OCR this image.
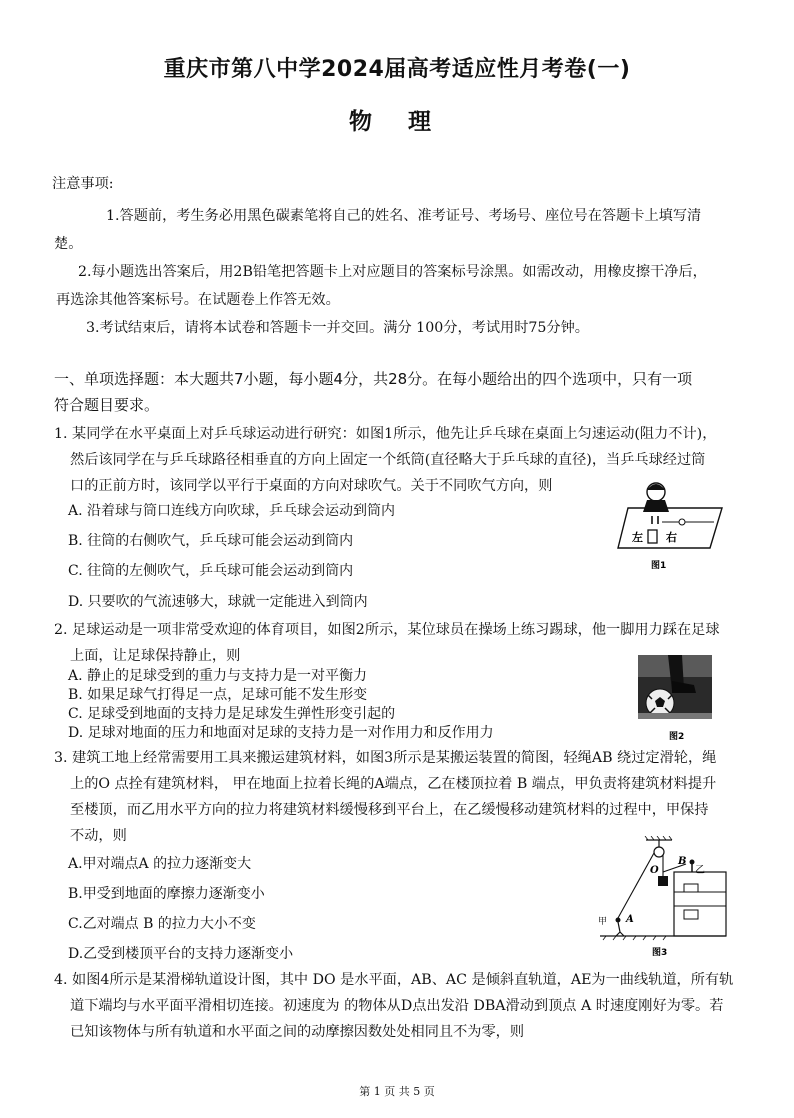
重庆市第八中学2024届高考适应性月考卷(一)
物 理
注意事项:
1.答题前，考生务必用黑色碳素笔将自己的姓名、准考证号、考场号、座位号在答题卡上填写清
楚。
2.每小题选出答案后，用2B铅笔把答题卡上对应题目的答案标号涂黑。如需改动，用橡皮擦干净后，
再选涂其他答案标号。在试题卷上作答无效。
3.考试结束后，请将本试卷和答题卡一并交回。满分 100分，考试用时75分钟。
一、单项选择题：本大题共7小题，每小题4分，共28分。在每小题给出的四个选项中，只有一项
符合题目要求。
1. 某同学在水平桌面上对乒乓球运动进行研究：如图1所示，他先让乒乓球在桌面上匀速运动(阻力不计)，
然后该同学在与乒乓球路径相垂直的方向上固定一个纸筒(直径略大于乒乓球的直径)，当乒乓球经过筒
口的正前方时，该同学以平行于桌面的方向对球吹气。关于不同吹气方向，则
A. 沿着球与筒口连线方向吹球，乒乓球会运动到筒内
B. 往筒的右侧吹气，乒乓球可能会运动到筒内
C. 往筒的左侧吹气，乒乓球可能会运动到筒内
D. 只要吹的气流速够大，球就一定能进入到筒内
左 右
图1
2. 足球运动是一项非常受欢迎的体育项目，如图2所示，某位球员在操场上练习踢球，他一脚用力踩在足球
上面，让足球保持静止，则
A. 静止的足球受到的重力与支持力是一对平衡力
B. 如果足球气打得足一点，足球可能不发生形变
C. 足球受到地面的支持力是足球发生弹性形变引起的
D. 足球对地面的压力和地面对足球的支持力是一对作用力和反作用力	图2
3. 建筑工地上经常需要用工具来搬运建筑材料，如图3所示是某搬运装置的简图，轻绳AB 绕过定滑轮，绳
上的O 点拴有建筑材料， 甲在地面上拉着长绳的A端点，乙在楼顶拉着 B 端点，甲负责将建筑材料提升
至楼顶，而乙用水平方向的拉力将建筑材料缓慢移到平台上，在乙缓慢移动建筑材料的过程中，甲保持
不动，则
A.甲对端点A 的拉力逐渐变大
B.甲受到地面的摩擦力逐渐变小
C.乙对端点 B 的拉力大小不变
D.乙受到楼顶平台的支持力逐渐变小
O
B
乙
甲 A
图3
4. 如图4所示是某滑梯轨道设计图，其中 DO 是水平面，AB、AC 是倾斜直轨道，AE为一曲线轨道，所有轨
道下端均与水平面平滑相切连接。初速度为 的物体从D点出发沿 DBA滑动到顶点 A 时速度刚好为零。若
已知该物体与所有轨道和水平面之间的动摩擦因数处处相同且不为零，则
第 1 页 共 5 页
